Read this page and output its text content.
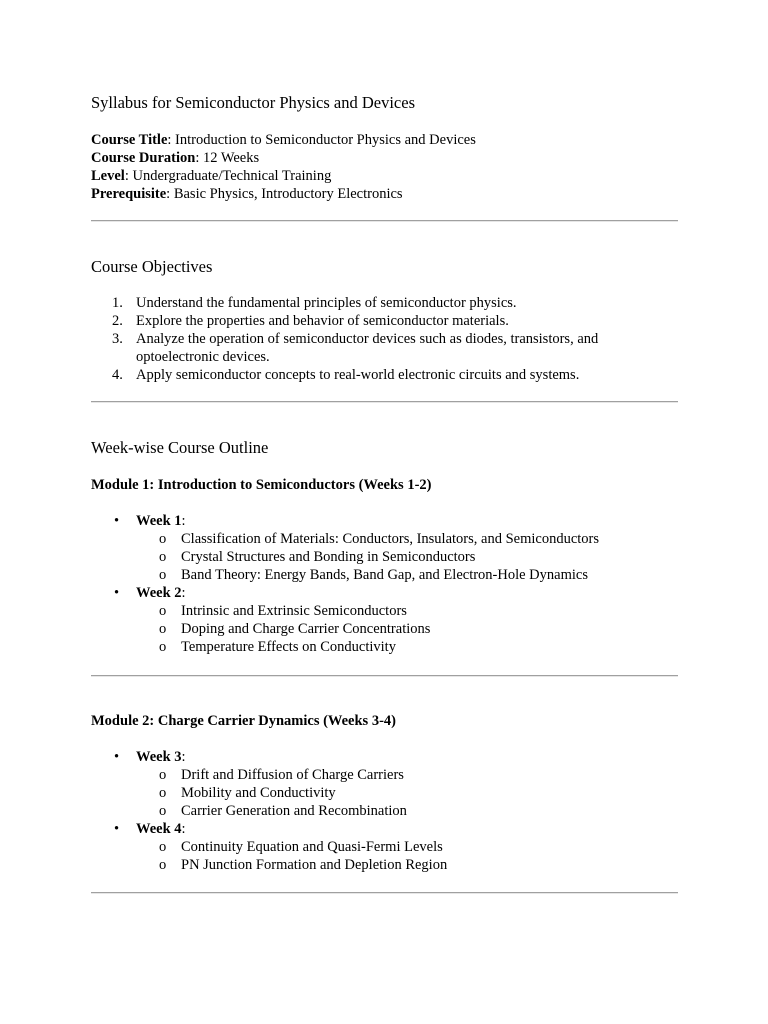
Syllabus for Semiconductor Physics and Devices
Course Title: Introduction to Semiconductor Physics and Devices
Course Duration: 12 Weeks
Level: Undergraduate/Technical Training
Prerequisite: Basic Physics, Introductory Electronics
Course Objectives
1. Understand the fundamental principles of semiconductor physics.
2. Explore the properties and behavior of semiconductor materials.
3. Analyze the operation of semiconductor devices such as diodes, transistors, and optoelectronic devices.
4. Apply semiconductor concepts to real-world electronic circuits and systems.
Week-wise Course Outline
Module 1: Introduction to Semiconductors (Weeks 1-2)
• Week 1:
o Classification of Materials: Conductors, Insulators, and Semiconductors
o Crystal Structures and Bonding in Semiconductors
o Band Theory: Energy Bands, Band Gap, and Electron-Hole Dynamics
• Week 2:
o Intrinsic and Extrinsic Semiconductors
o Doping and Charge Carrier Concentrations
o Temperature Effects on Conductivity
Module 2: Charge Carrier Dynamics (Weeks 3-4)
• Week 3:
o Drift and Diffusion of Charge Carriers
o Mobility and Conductivity
o Carrier Generation and Recombination
• Week 4:
o Continuity Equation and Quasi-Fermi Levels
o PN Junction Formation and Depletion Region
